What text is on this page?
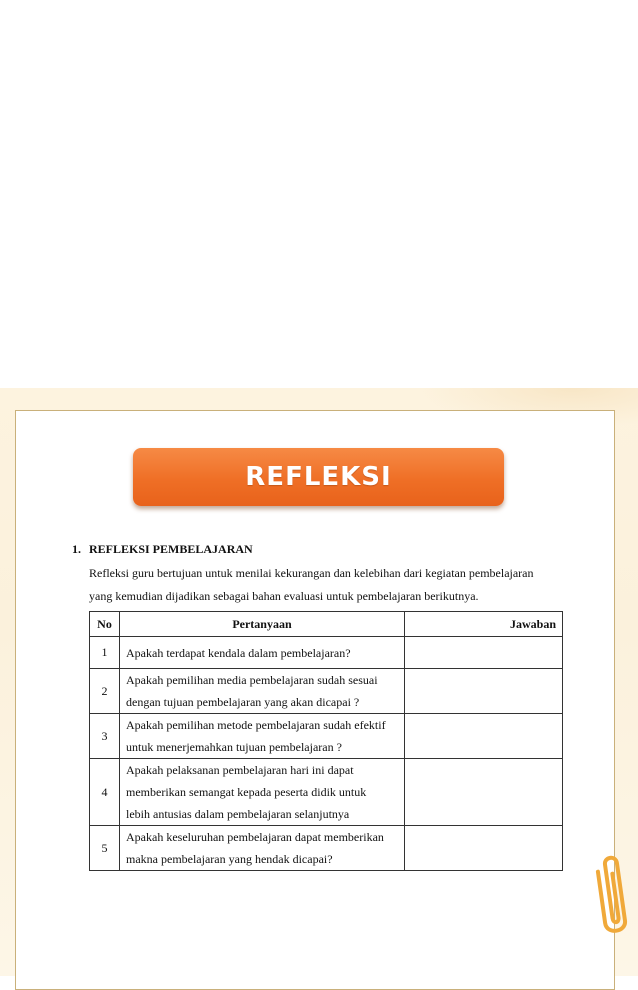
REFLEKSI

1. REFLEKSI PEMBELAJARAN

Refleksi guru bertujuan untuk menilai kekurangan dan kelebihan dari kegiatan pembelajaran
yang kemudian dijadikan sebagai bahan evaluasi untuk pembelajaran berikutnya.
No	Pertanyaan	Jawaban
1	Apakah terdapat kendala dalam pembelajaran?	

2	Apakah pemilihan media pembelajaran sudah sesuai
dengan tujuan pembelajaran yang akan dicapai ?	

3	Apakah pemilihan metode pembelajaran sudah efektif
untuk menerjemahkan tujuan pembelajaran ?	

4	Apakah pelaksanan pembelajaran hari ini dapat
memberikan semangat kepada peserta didik untuk
lebih antusias dalam pembelajaran selanjutnya	

5	Apakah keseluruhan pembelajaran dapat memberikan
makna pembelajaran yang hendak dicapai?	
